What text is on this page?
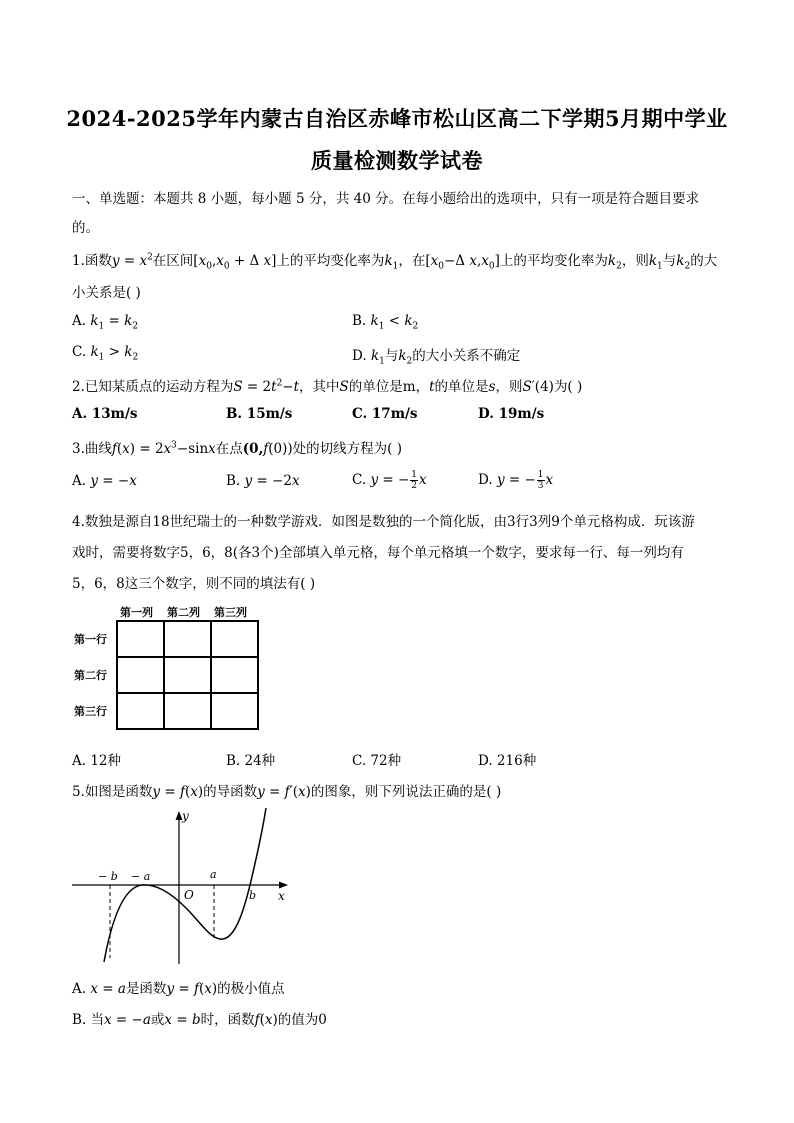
2024-2025学年内蒙古自治区赤峰市松山区高二下学期5月期中学业
质量检测数学试卷
一、单选题：本题共 8 小题，每小题 5 分，共 40 分。在每小题给出的选项中，只有一项是符合题目要求
的。
1.函数$y = x^2$在区间[$x_0,x_0 + \Delta$ x]上的平均变化率为$k_1$，在[$x_0-\Delta$ $x,x_0$]上的平均变化率为$k_2$，则$k_1$与$k_2$的大
小关系是( )
A. $k_1 = k_2$	B. $k_1 < k_2$
C. $k_1 > k_2$	D. $k_1$与$k_2$的大小关系不确定
2.已知某质点的运动方程为$S = 2t^2-t$，其中S的单位是m，t的单位是s，则S′(4)为( )
A. 13m/s	B. 15m/s	C. 17m/s	D. 19m/s
3.曲线$f(x) = 2x^3-\sin x$在点(0,f(0))处的切线方程为( )
A. y = −x	B. y = −2x	C. y = − $\frac{1}{2}$ x	D. y = − $\frac{1}{3}$ x
4.数独是源自18世纪瑞士的一种数学游戏．如图是数独的一个简化版，由3行3列9个单元格构成．玩该游
戏时，需要将数字5，6，8(各3个)全部填入单元格，每个单元格填一个数字，要求每一行、每一列均有
5，6，8这三个数字，则不同的填法有( )
第一列 第二列 第三列
第一行
第二行
第三行

A. 12种	B. 24种	C. 72种	D. 216种
5.如图是函数y = f(x)的导函数y = f′(x)的图象，则下列说法正确的是( )
y
x
O
− b − a	a
b
A. x = a是函数y = f(x)的极小值点
B. 当x = −a或x = b时，函数f(x)的值为0
